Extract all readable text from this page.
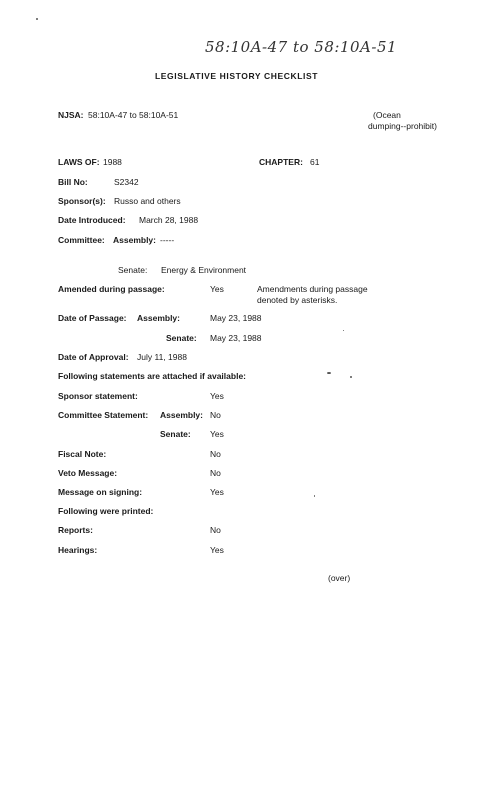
58:10A-47 to 58:10A-51
LEGISLATIVE HISTORY CHECKLIST
NJSA: 58:10A-47 to 58:10A-51	(Ocean
dumping--prohibit)
LAWS OF: 1988	CHAPTER: 61
Bill No:	S2342
Sponsor(s): Russo and others
Date Introduced: March 28, 1988
Committee: Assembly: -----
Senate: Energy & Environment
Amended during passage:	Yes	Amendments during passage
denoted by asterisks.
Date of Passage: Assembly:	May 23, 1988
Senate: May 23, 1988
Date of Approval: July 11, 1988
Following statements are attached if available:
Sponsor statement:	Yes
Committee Statement: Assembly: No
Senate: Yes
Fiscal Note:	No
Veto Message:	No
Message on signing:	Yes
Following were printed:
Reports:	No
Hearings:	Yes
(over)
